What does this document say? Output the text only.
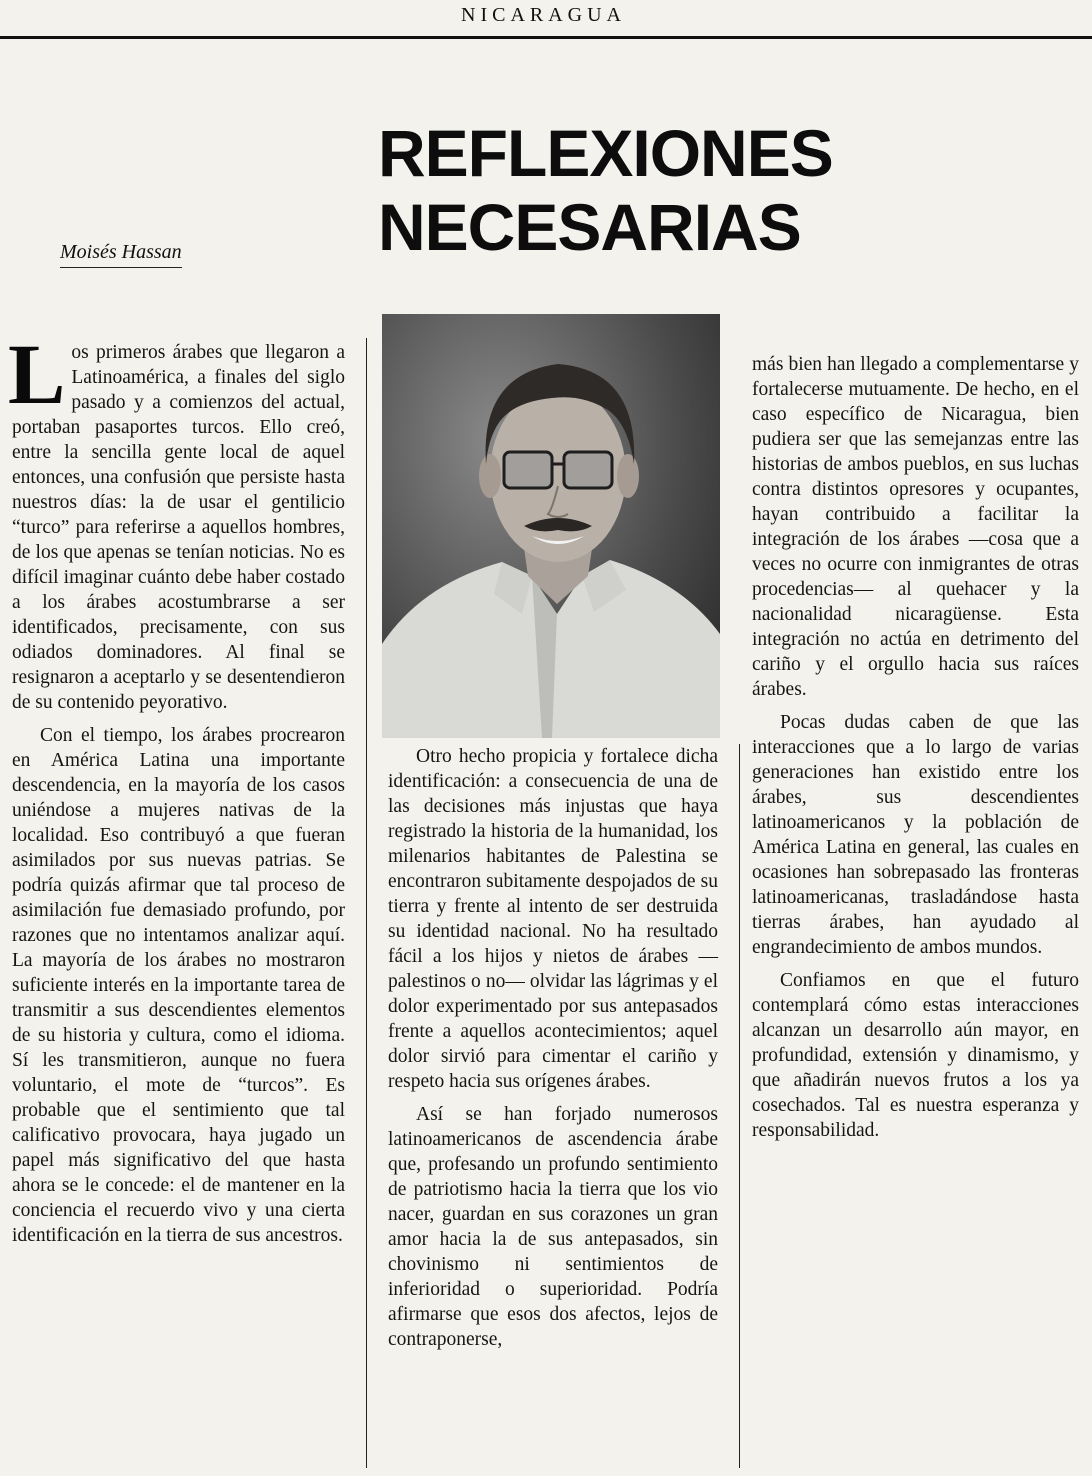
NICARAGUA
REFLEXIONES
NECESARIAS
Moisés Hassan

Los primeros árabes que llegaron a Latinoamérica, a finales del siglo pasado y a comienzos del actual, portaban pasaportes turcos. Ello creó, entre la sencilla gente local de aquel entonces, una confusión que persiste hasta nuestros días: la de usar el gentilicio “turco” para referirse a aquellos hombres, de los que apenas se tenían noticias. No es difícil imaginar cuánto debe haber costado a los árabes acostumbrarse a ser identificados, precisamente, con sus odiados dominadores. Al final se resignaron a aceptarlo y se desentendieron de su contenido peyorativo.

Con el tiempo, los árabes procrearon en América Latina una importante descendencia, en la mayoría de los casos uniéndose a mujeres nativas de la localidad. Eso contribuyó a que fueran asimilados por sus nuevas patrias. Se podría quizás afirmar que tal proceso de asimilación fue demasiado profundo, por razones que no intentamos analizar aquí. La mayoría de los árabes no mostraron suficiente interés en la importante tarea de transmitir a sus descendientes elementos de su historia y cultura, como el idioma. Sí les transmitieron, aunque no fuera voluntario, el mote de “turcos”. Es probable que el sentimiento que tal calificativo provocara, haya jugado un papel más significativo del que hasta ahora se le concede: el de mantener en la conciencia el recuerdo vivo y una cierta identificación en la tierra de sus ancestros.

Otro hecho propicia y fortalece dicha identificación: a consecuencia de una de las decisiones más injustas que haya registrado la historia de la humanidad, los milenarios habitantes de Palestina se encontraron subitamente despojados de su tierra y frente al intento de ser destruida su identidad nacional. No ha resultado fácil a los hijos y nietos de árabes —palestinos o no— olvidar las lágrimas y el dolor experimentado por sus antepasados frente a aquellos acontecimientos; aquel dolor sirvió para cimentar el cariño y respeto hacia sus orígenes árabes.

Así se han forjado numerosos latinoamericanos de ascendencia árabe que, profesando un profundo sentimiento de patriotismo hacia la tierra que los vio nacer, guardan en sus corazones un gran amor hacia la de sus antepasados, sin chovinismo ni sentimientos de inferioridad o superioridad. Podría afirmarse que esos dos afectos, lejos de contraponerse,

más bien han llegado a complementarse y fortalecerse mutuamente. De hecho, en el caso específico de Nicaragua, bien pudiera ser que las semejanzas entre las historias de ambos pueblos, en sus luchas contra distintos opresores y ocupantes, hayan contribuido a facilitar la integración de los árabes —cosa que a veces no ocurre con inmigrantes de otras procedencias— al quehacer y la nacionalidad nicaragüense. Esta integración no actúa en detrimento del cariño y el orgullo hacia sus raíces árabes.

Pocas dudas caben de que las interacciones que a lo largo de varias generaciones han existido entre los árabes, sus descendientes latinoamericanos y la población de América Latina en general, las cuales en ocasiones han sobrepasado las fronteras latinoamericanas, trasladándose hasta tierras árabes, han ayudado al engrandecimiento de ambos mundos.

Confiamos en que el futuro contemplará cómo estas interacciones alcanzan un desarrollo aún mayor, en profundidad, extensión y dinamismo, y que añadirán nuevos frutos a los ya cosechados. Tal es nuestra esperanza y responsabilidad.
